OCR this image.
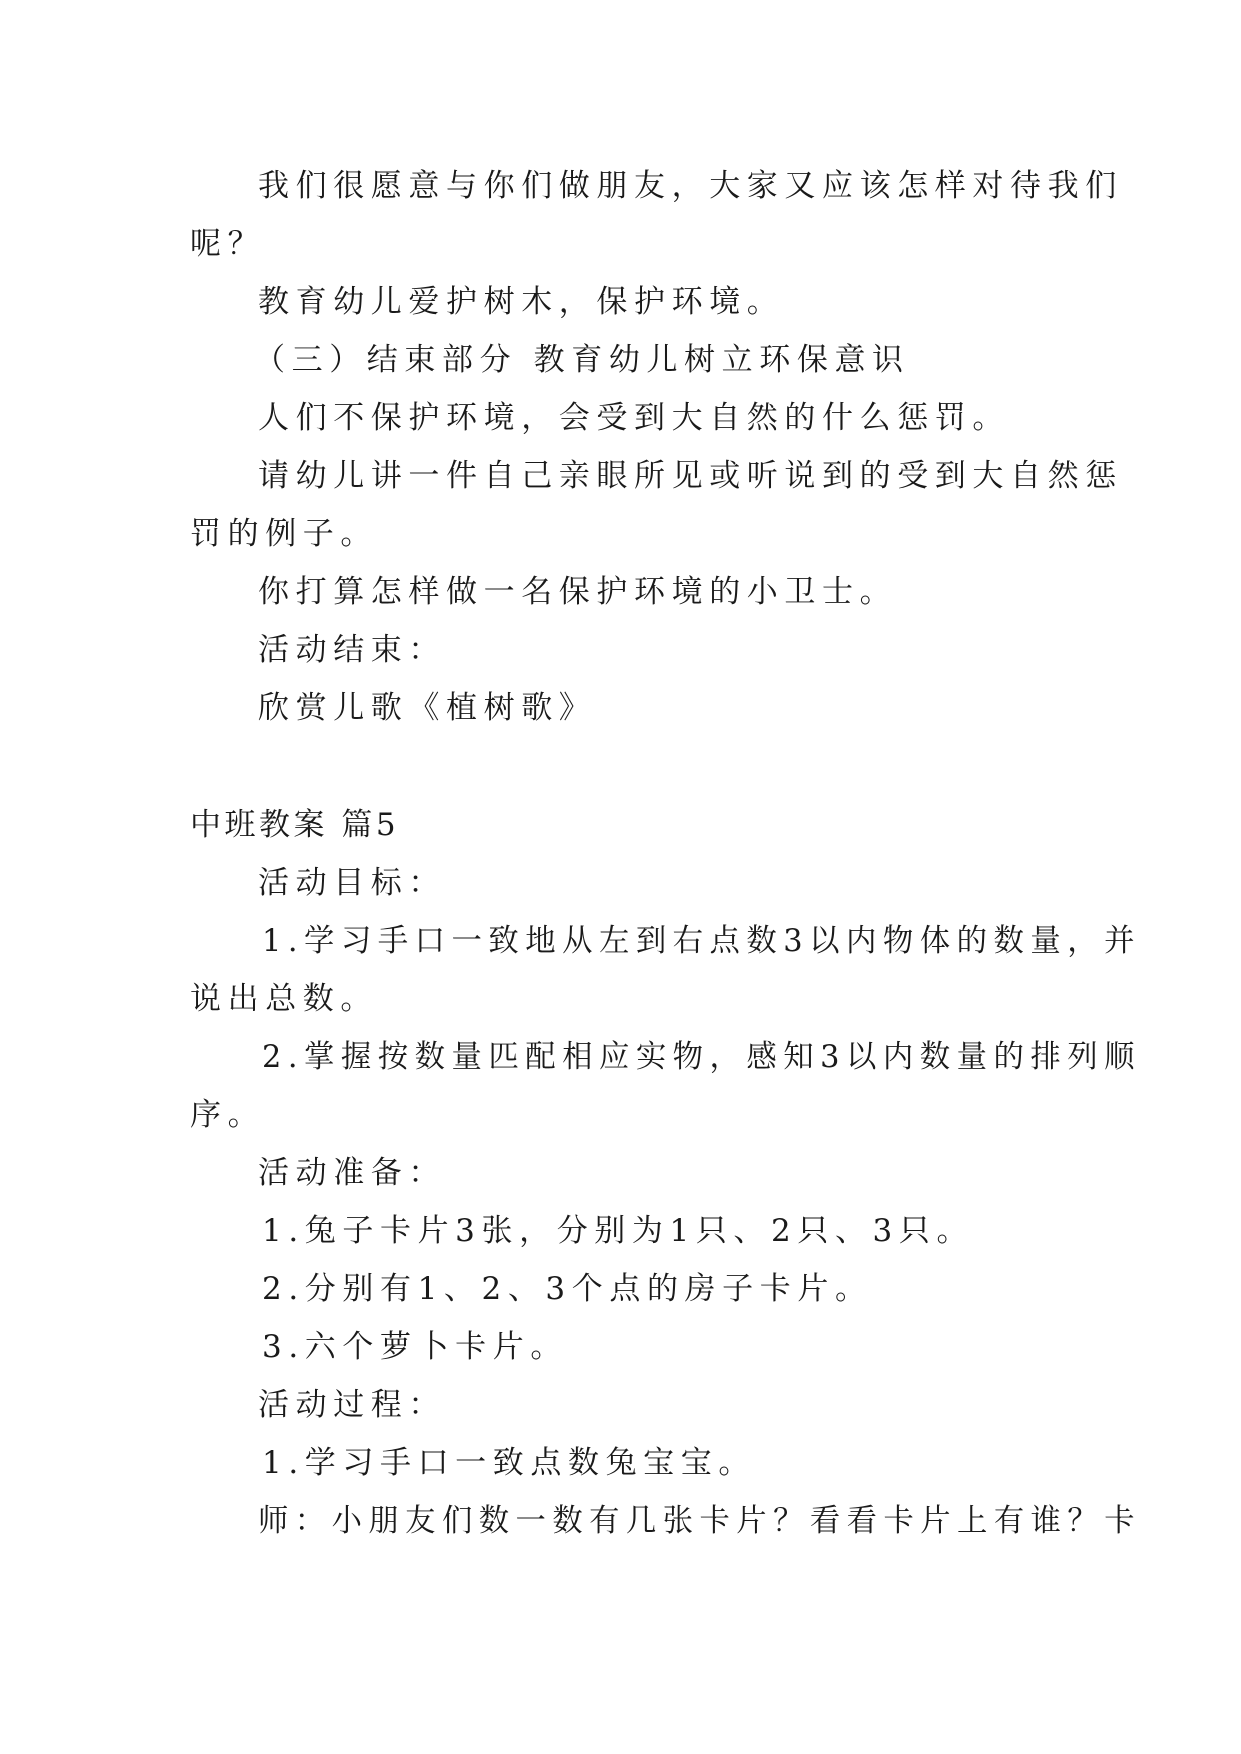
我们很愿意与你们做朋友，大家又应该怎样对待我们

呢？

教育幼儿爱护树木，保护环境。

（三）结束部分 教育幼儿树立环保意识

人们不保护环境，会受到大自然的什么惩罚。

请幼儿讲一件自己亲眼所见或听说到的受到大自然惩

罚的例子。

你打算怎样做一名保护环境的小卫士。

活动结束：

欣赏儿歌《植树歌》

中班教案 篇5

活动目标：

1.学习手口一致地从左到右点数3以内物体的数量，并

说出总数。

2.掌握按数量匹配相应实物，感知3以内数量的排列顺

序。

活动准备：

1.兔子卡片3张，分别为1只、2只、3只。

2.分别有1、2、3个点的房子卡片。

3.六个萝卜卡片。

活动过程：

1.学习手口一致点数兔宝宝。

师：小朋友们数一数有几张卡片？看看卡片上有谁？卡
